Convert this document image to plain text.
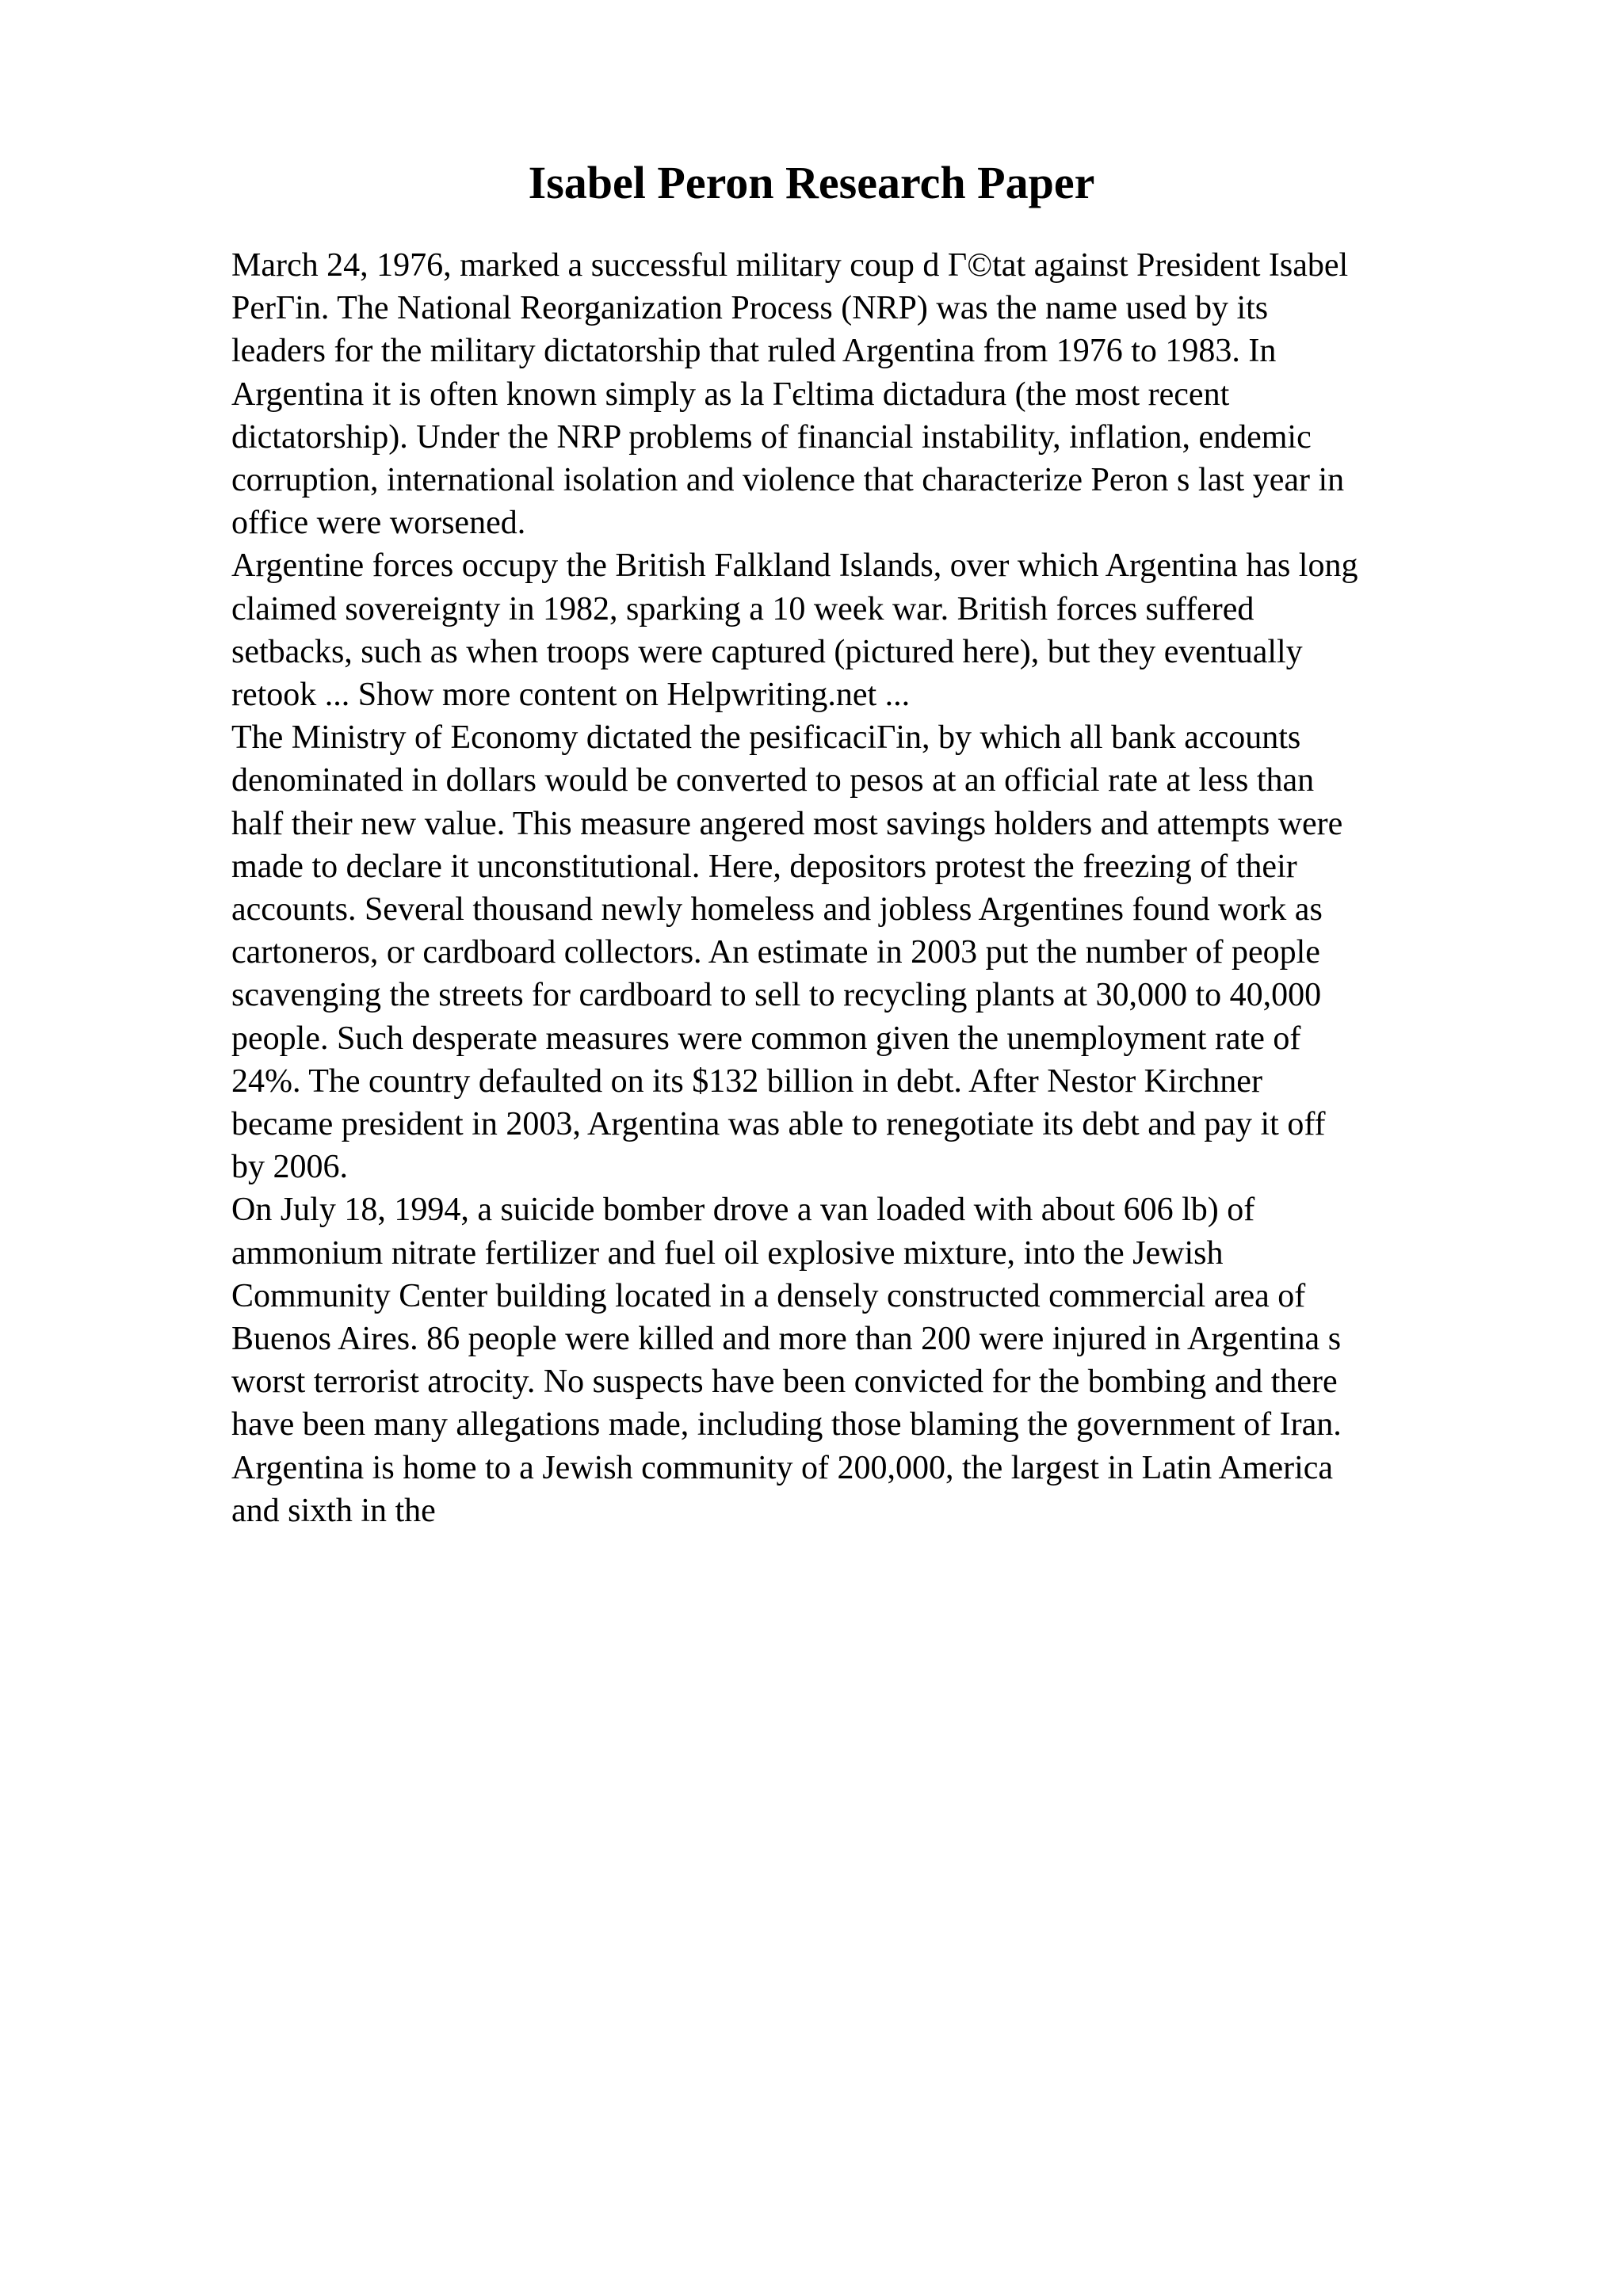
Isabel Peron Research Paper
March 24, 1976, marked a successful military coup d Г©tat against President Isabel
PerГin. The National Reorganization Process (NRP) was the name used by its
leaders for the military dictatorship that ruled Argentina from 1976 to 1983. In
Argentina it is often known simply as la Гєltima dictadura (the most recent
dictatorship). Under the NRP problems of financial instability, inflation, endemic
corruption, international isolation and violence that characterize Peron s last year in
office were worsened.
Argentine forces occupy the British Falkland Islands, over which Argentina has long
claimed sovereignty in 1982, sparking a 10 week war. British forces suffered
setbacks, such as when troops were captured (pictured here), but they eventually
retook ... Show more content on Helpwriting.net ...
The Ministry of Economy dictated the pesificaciГin, by which all bank accounts
denominated in dollars would be converted to pesos at an official rate at less than
half their new value. This measure angered most savings holders and attempts were
made to declare it unconstitutional. Here, depositors protest the freezing of their
accounts. Several thousand newly homeless and jobless Argentines found work as
cartoneros, or cardboard collectors. An estimate in 2003 put the number of people
scavenging the streets for cardboard to sell to recycling plants at 30,000 to 40,000
people. Such desperate measures were common given the unemployment rate of
24%. The country defaulted on its $132 billion in debt. After Nestor Kirchner
became president in 2003, Argentina was able to renegotiate its debt and pay it off
by 2006.
On July 18, 1994, a suicide bomber drove a van loaded with about 606 lb) of
ammonium nitrate fertilizer and fuel oil explosive mixture, into the Jewish
Community Center building located in a densely constructed commercial area of
Buenos Aires. 86 people were killed and more than 200 were injured in Argentina s
worst terrorist atrocity. No suspects have been convicted for the bombing and there
have been many allegations made, including those blaming the government of Iran.
Argentina is home to a Jewish community of 200,000, the largest in Latin America
and sixth in the
